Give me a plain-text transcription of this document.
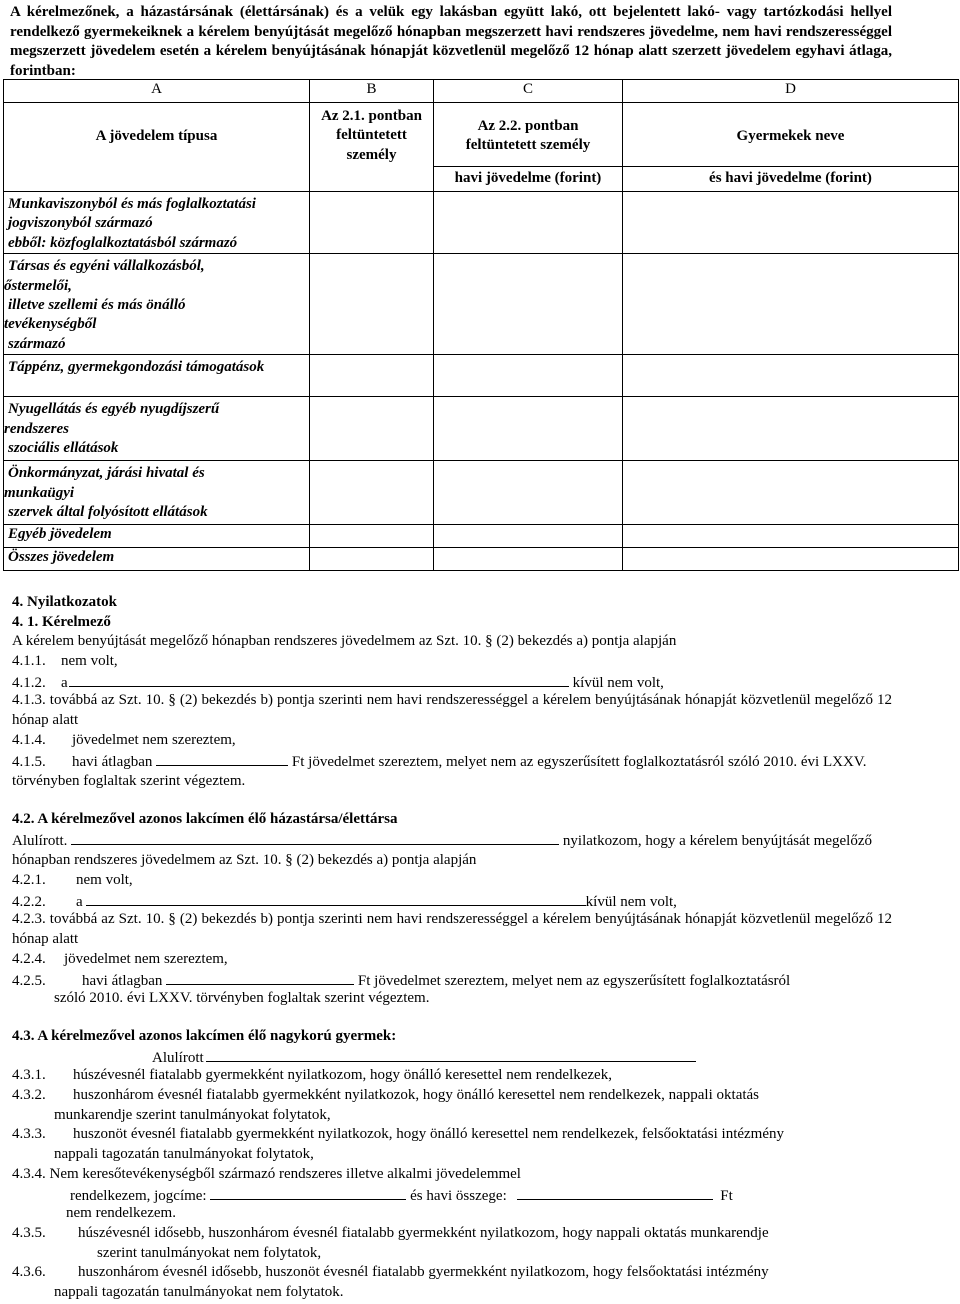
A kérelmezőnek, a házastársának (élettársának) és a velük egy lakásban együtt lakó, ott bejelentett lakó- vagy tartózkodási hellyel rendelkező gyermekeiknek a kérelem benyújtását megelőző hónapban megszerzett havi rendszeres jövedelme, nem havi rendszerességgel megszerzett jövedelem esetén a kérelem benyújtásának hónapját közvetlenül megelőző 12 hónap alatt szerzett jövedelem egyhavi átlaga, forintban:
A	B	C	D
A jövedelem típusa	Az 2.1. pontban feltüntetett személy	Az 2.2. pontban feltüntetett személy	Gyermekek neve
		havi jövedelme (forint)	és havi jövedelme (forint)

Munkaviszonyból és más foglalkoztatási
jogviszonyból származó
ebből: közfoglalkoztatásból származó			

Társas és egyéni vállalkozásból,
őstermelői,
illetve szellemi és más önálló
tevékenységből
származó			

Táppénz, gyermekgondozási támogatások			

Nyugellátás és egyéb nyugdíjszerű
rendszeres
szociális ellátások			

Önkormányzat, járási hivatal és
munkaügyi
szervek által folyósított ellátások			

Egyéb jövedelem			
Összes jövedelem			
4. Nyilatkozatok
4. 1. Kérelmező
A kérelem benyújtását megelőző hónapban rendszeres jövedelmem az Szt. 10. § (2) bekezdés a) pontja alapján
4.1.1. nem volt,
4.1.2. a	kívül nem volt,
4.1.3. továbbá az Szt. 10. § (2) bekezdés b) pontja szerinti nem havi rendszerességgel a kérelem benyújtásának hónapját közvetlenül megelőző 12 hónap alatt
4.1.4. jövedelmet nem szereztem,
4.1.5. havi átlagban	Ft jövedelmet szereztem, melyet nem az egyszerűsített foglalkoztatásról szóló 2010. évi LXXV. törvényben foglaltak szerint végeztem.
4.2. A kérelmezővel azonos lakcímen élő házastársa/élettársa
Alulírott.	nyilatkozom, hogy a kérelem benyújtását megelőző hónapban rendszeres jövedelmem az Szt. 10. § (2) bekezdés a) pontja alapján
4.2.1. nem volt,
4.2.2. a	kívül nem volt,
4.2.3. továbbá az Szt. 10. § (2) bekezdés b) pontja szerinti nem havi rendszerességgel a kérelem benyújtásának hónapját közvetlenül megelőző 12 hónap alatt
4.2.4. jövedelmet nem szereztem,
4.2.5. havi átlagban	Ft jövedelmet szereztem, melyet nem az egyszerűsített foglalkoztatásról
szóló 2010. évi LXXV. törvényben foglaltak szerint végeztem.
4.3. A kérelmezővel azonos lakcímen élő nagykorú gyermek:
Alulírott
4.3.1. húszévesnél fiatalabb gyermekként nyilatkozom, hogy önálló keresettel nem rendelkezek,
4.3.2. huszonhárom évesnél fiatalabb gyermekként nyilatkozok, hogy önálló keresettel nem rendelkezek, nappali oktatás
munkarendje szerint tanulmányokat folytatok,
4.3.3. huszonöt évesnél fiatalabb gyermekként nyilatkozok, hogy önálló keresettel nem rendelkezek, felsőoktatási intézmény
nappali tagozatán tanulmányokat folytatok,
4.3.4. Nem keresőtevékenységből származó rendszeres illetve alkalmi jövedelemmel
rendelkezem, jogcíme:	és havi összege:	Ft
nem rendelkezem.
4.3.5. húszévesnél idősebb, huszonhárom évesnél fiatalabb gyermekként nyilatkozom, hogy nappali oktatás munkarendje
szerint tanulmányokat nem folytatok,
4.3.6. huszonhárom évesnél idősebb, huszonöt évesnél fiatalabb gyermekként nyilatkozom, hogy felsőoktatási intézmény
nappali tagozatán tanulmányokat nem folytatok.
